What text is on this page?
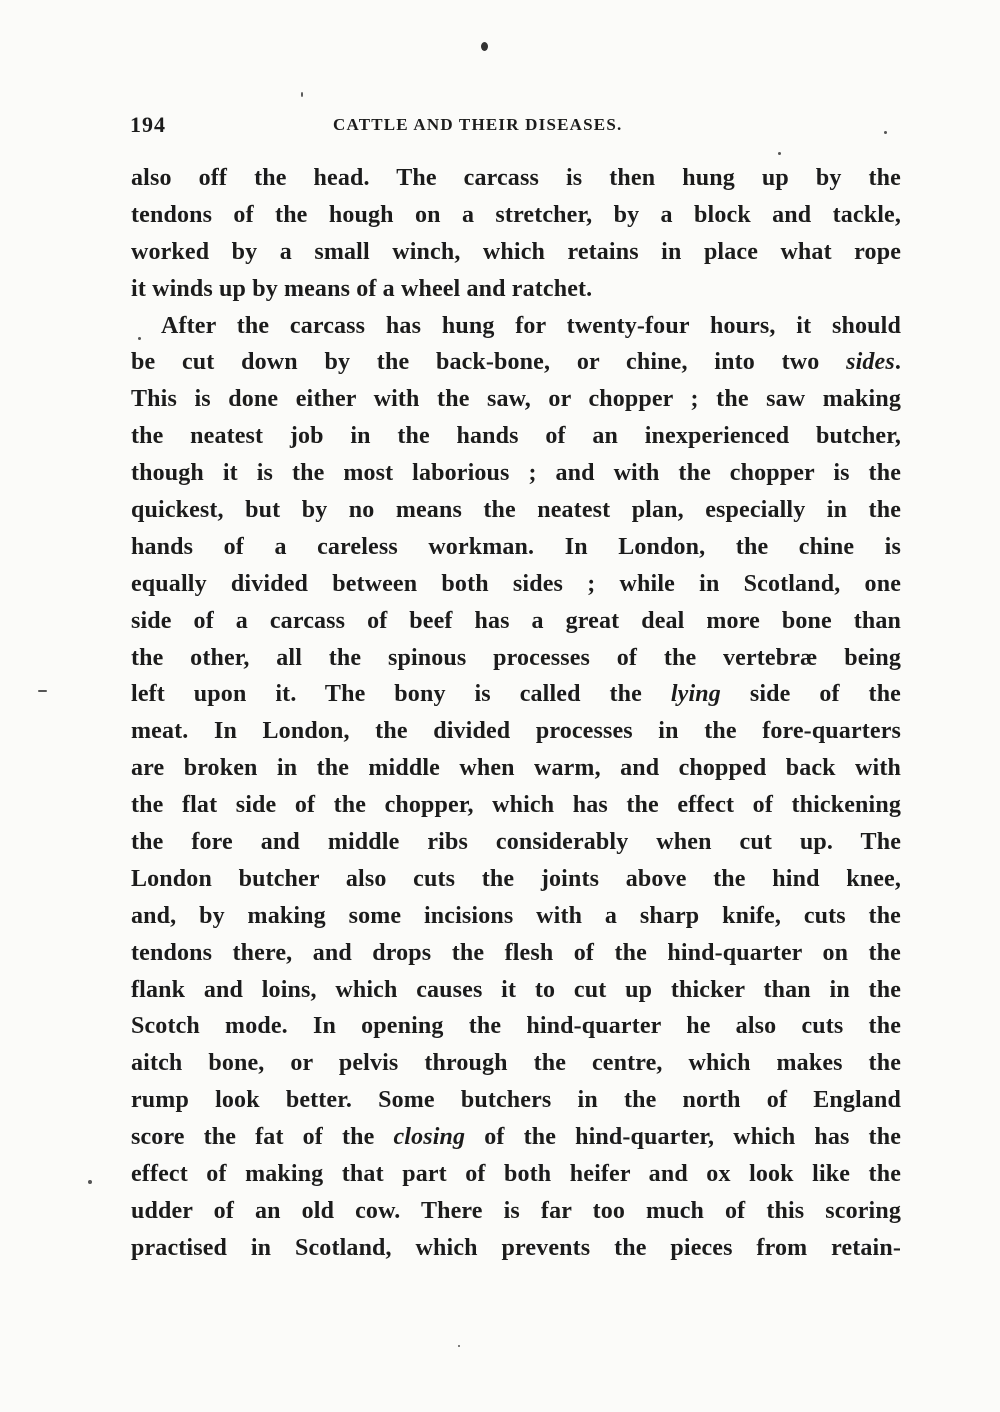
194	CATTLE AND THEIR DISEASES.
also off the head. The carcass is then hung up by the
tendons of the hough on a stretcher, by a block and tackle,
worked by a small winch, which retains in place what rope
it winds up by means of a wheel and ratchet.
After the carcass has hung for twenty-four hours, it should
be cut down by the back-bone, or chine, into two sides.
This is done either with the saw, or chopper ; the saw making
the neatest job in the hands of an inexperienced butcher,
though it is the most laborious ; and with the chopper is the
quickest, but by no means the neatest plan, especially in the
hands of a careless workman. In London, the chine is
equally divided between both sides ; while in Scotland, one
side of a carcass of beef has a great deal more bone than
the other, all the spinous processes of the vertebræ being
left upon it. The bony is called the lying side of the
meat. In London, the divided processes in the fore-quarters
are broken in the middle when warm, and chopped back with
the flat side of the chopper, which has the effect of thickening
the fore and middle ribs considerably when cut up. The
London butcher also cuts the joints above the hind knee,
and, by making some incisions with a sharp knife, cuts the
tendons there, and drops the flesh of the hind-quarter on the
flank and loins, which causes it to cut up thicker than in the
Scotch mode. In opening the hind-quarter he also cuts the
aitch bone, or pelvis through the centre, which makes the
rump look better. Some butchers in the north of England
score the fat of the closing of the hind-quarter, which has the
effect of making that part of both heifer and ox look like the
udder of an old cow. There is far too much of this scoring
practised in Scotland, which prevents the pieces from retain-
